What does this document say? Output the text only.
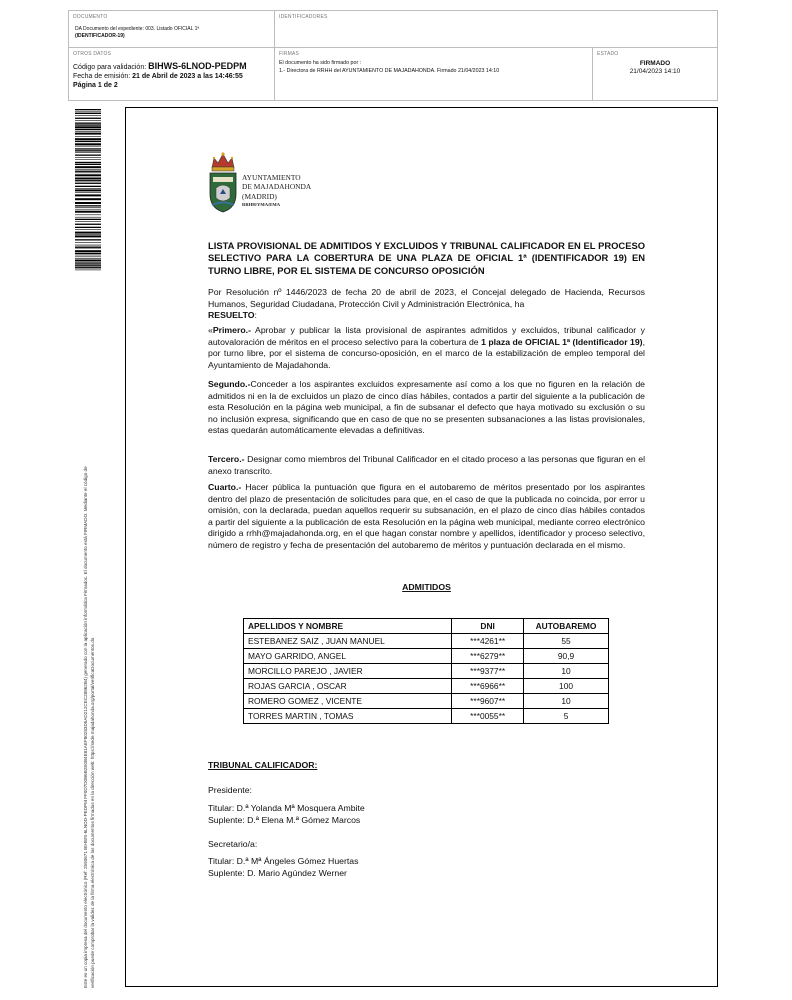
DOCUMENTO
DA Documento del expediente: 003. Listado OFICIAL 1ª
(IDENTIFICADOR-19)
IDENTIFICADORES
OTROS DATOS
Código para validación: BIHWS-6LNOD-PEDPM
Fecha de emisión: 21 de Abril de 2023 a las 14:46:55
Página 1 de 2
FIRMAS
El documento ha sido firmado por :
1.- Directora de RRHH del AYUNTAMIENTO DE MAJADAHONDA. Firmado 21/04/2023 14:10
ESTADO
FIRMADO
21/04/2023 14:10
Este es un copia impresa del documento electrónico (Ref: 2593671 BIHWS-6LNOD-PEDPM FF0D7D0B6B2E0B4E81AEF80283D5AD212CEC28862B4) generado con la aplicación informática Firmadoc. El documento está FIRMADO. Mediante el código de verificación puede comprobar la validez de la firma electrónica de los documentos firmados en la dirección web: https://sede.majadahonda.org/portal/verificaDocumentos.do
AYUNTAMIENTO
DE MAJADAHONDA
(MADRID)
RRHH/YMA/EMA
LISTA PROVISIONAL DE ADMITIDOS Y EXCLUIDOS Y TRIBUNAL CALIFICADOR EN EL PROCESO SELECTIVO PARA LA COBERTURA DE UNA PLAZA DE OFICIAL 1ª (IDENTIFICADOR 19) EN TURNO LIBRE, POR EL SISTEMA DE CONCURSO OPOSICIÓN
Por Resolución nº 1446/2023 de fecha 20 de abril de 2023, el Concejal delegado de Hacienda, Recursos Humanos, Seguridad Ciudadana, Protección Civil y Administración Electrónica, ha
RESUELTO:
«Primero.- Aprobar y publicar la lista provisional de aspirantes admitidos y excluidos, tribunal calificador y autovaloración de méritos en el proceso selectivo para la cobertura de 1 plaza de OFICIAL 1ª (Identificador 19), por turno libre, por el sistema de concurso-oposición, en el marco de la estabilización de empleo temporal del Ayuntamiento de Majadahonda.
Segundo.-Conceder a los aspirantes excluidos expresamente así como a los que no figuren en la relación de admitidos ni en la de excluidos un plazo de cinco días hábiles, contados a partir del siguiente a la publicación de esta Resolución en la página web municipal, a fin de subsanar el defecto que haya motivado su exclusión o su no inclusión expresa, significando que en caso de que no se presenten subsanaciones a las listas provisionales, estas quedarán automáticamente elevadas a definitivas.
Tercero.- Designar como miembros del Tribunal Calificador en el citado proceso a las personas que figuran en el anexo transcrito.
Cuarto.- Hacer pública la puntuación que figura en el autobaremo de méritos presentado por los aspirantes dentro del plazo de presentación de solicitudes para que, en el caso de que la publicada no coincida, por error u omisión, con la declarada, puedan aquellos requerir su subsanación, en el plazo de cinco días hábiles contados a partir del siguiente a la publicación de esta Resolución en la página web municipal, mediante correo electrónico dirigido a rrhh@majadahonda.org, en el que hagan constar nombre y apellidos, identificador y proceso selectivo, número de registro y fecha de presentación del autobaremo de méritos y puntuación declarada en el mismo.
ADMITIDOS
APELLIDOS Y NOMBRE	DNI	AUTOBAREMO
ESTEBANEZ SAIZ , JUAN MANUEL	***4261**	55
MAYO GARRIDO, ANGEL	***6279**	90,9
MORCILLO PAREJO , JAVIER	***9377**	10
ROJAS GARCIA , OSCAR	***6966**	100
ROMERO GOMEZ , VICENTE	***9607**	10
TORRES MARTIN , TOMAS	***0055**	5
TRIBUNAL CALIFICADOR:
Presidente:
Titular: D.ª Yolanda Mª Mosquera Ambite
Suplente: D.ª Elena M.ª Gómez Marcos
Secretario/a:
Titular: D.ª Mª Ángeles Gómez Huertas
Suplente: D. Mario Agúndez Werner
